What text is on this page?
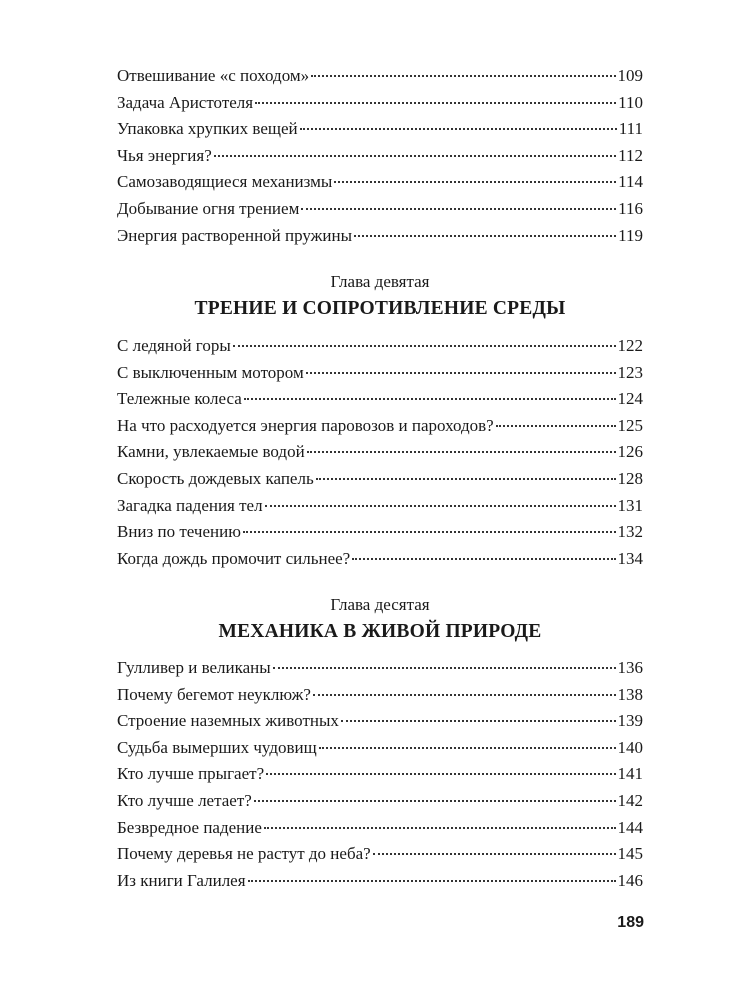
Отвешивание «с походом»	109
Задача Аристотеля	110
Упаковка хрупких вещей	111
Чья энергия?	112
Самозаводящиеся механизмы	114
Добывание огня трением	116
Энергия растворенной пружины	119
Глава девятая
ТРЕНИЕ И СОПРОТИВЛЕНИЕ СРЕДЫ
С ледяной горы	122
С выключенным мотором	123
Тележные колеса	124
На что расходуется энергия паровозов и пароходов?	125
Камни, увлекаемые водой	126
Скорость дождевых капель	128
Загадка падения тел	131
Вниз по течению	132
Когда дождь промочит сильнее?	134
Глава десятая
МЕХАНИКА В ЖИВОЙ ПРИРОДЕ
Гулливер и великаны	136
Почему бегемот неуклюж?	138
Строение наземных животных	139
Судьба вымерших чудовищ	140
Кто лучше прыгает?	141
Кто лучше летает?	142
Безвредное падение	144
Почему деревья не растут до неба?	145
Из книги Галилея	146
189
